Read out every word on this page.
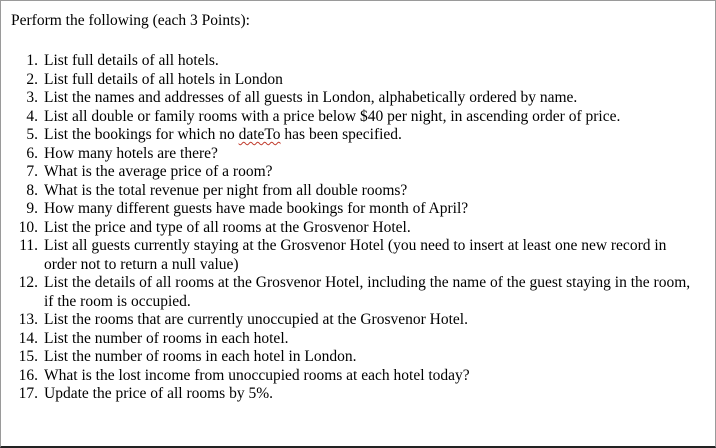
Perform the following (each 3 Points):
1. List full details of all hotels.
2. List full details of all hotels in London
3. List the names and addresses of all guests in London, alphabetically ordered by name.
4. List all double or family rooms with a price below $40 per night, in ascending order of price.
5. List the bookings for which no dateTo has been specified.
6. How many hotels are there?
7. What is the average price of a room?
8. What is the total revenue per night from all double rooms?
9. How many different guests have made bookings for month of April?
10. List the price and type of all rooms at the Grosvenor Hotel.
11. List all guests currently staying at the Grosvenor Hotel (you need to insert at least one new record in order not to return a null value)
12. List the details of all rooms at the Grosvenor Hotel, including the name of the guest staying in the room, if the room is occupied.
13. List the rooms that are currently unoccupied at the Grosvenor Hotel.
14. List the number of rooms in each hotel.
15. List the number of rooms in each hotel in London.
16. What is the lost income from unoccupied rooms at each hotel today?
17. Update the price of all rooms by 5%.
